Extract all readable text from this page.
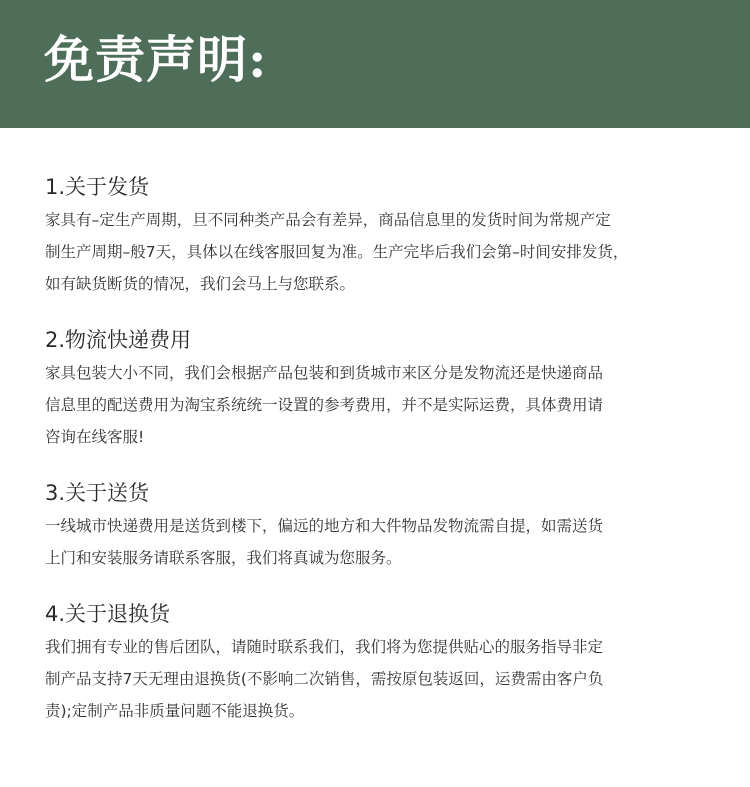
免责声明:
1.关于发货
家具有–定生产周期，旦不同种类产品会有差异，商品信息里的发货时间为常规产定
制生产周期–般7天，具体以在线客服回复为准。生产完毕后我们会第–时间安排发货，
如有缺货断货的情况，我们会马上与您联系。
2.物流快递费用
家具包装大小不同，我们会根据产品包装和到货城市来区分是发物流还是快递商品
信息里的配送费用为淘宝系统统一设置的参考费用，并不是实际运费，具体费用请
咨询在线客服!
3.关于送货
一线城市快递费用是送货到楼下，偏远的地方和大件物品发物流需自提，如需送货
上门和安装服务请联系客服，我们将真诚为您服务。
4.关于退换货
我们拥有专业的售后团队，请随时联系我们，我们将为您提供贴心的服务指导非定
制产品支持7天无理由退换货(不影响二次销售，需按原包装返回，运费需由客户负
责);定制产品非质量问题不能退换货。
